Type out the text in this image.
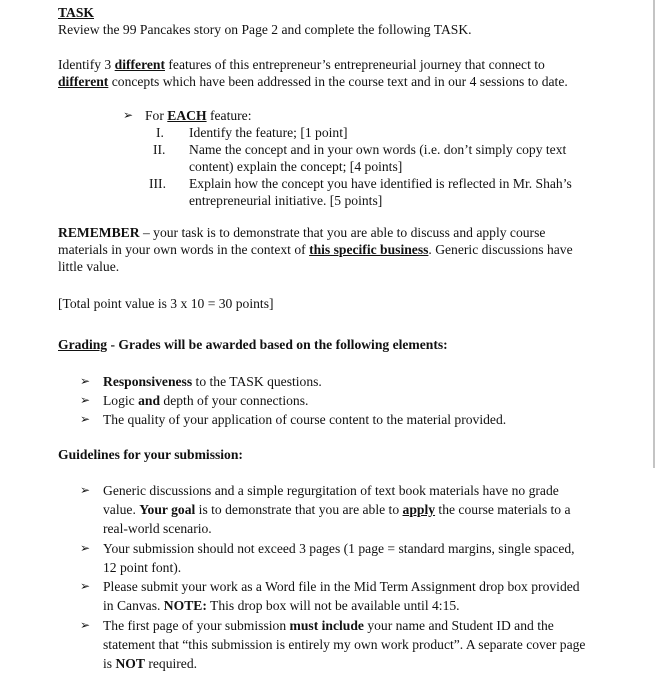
TASK
Review the 99 Pancakes story on Page 2 and complete the following TASK.
Identify 3 different features of this entrepreneur’s entrepreneurial journey that connect to
different concepts which have been addressed in the course text and in our 4 sessions to date.
➢ For EACH feature:
I. Identify the feature; [1 point]
II. Name the concept and in your own words (i.e. don’t simply copy text
content) explain the concept; [4 points]
III. Explain how the concept you have identified is reflected in Mr. Shah’s
entrepreneurial initiative. [5 points]
REMEMBER – your task is to demonstrate that you are able to discuss and apply course
materials in your own words in the context of this specific business. Generic discussions have
little value.
[Total point value is 3 x 10 = 30 points]
Grading - Grades will be awarded based on the following elements:
➢ Responsiveness to the TASK questions.
➢ Logic and depth of your connections.
➢ The quality of your application of course content to the material provided.
Guidelines for your submission:
➢ Generic discussions and a simple regurgitation of text book materials have no grade
value. Your goal is to demonstrate that you are able to apply the course materials to a
real-world scenario.
➢ Your submission should not exceed 3 pages (1 page = standard margins, single spaced,
12 point font).
➢ Please submit your work as a Word file in the Mid Term Assignment drop box provided
in Canvas. NOTE: This drop box will not be available until 4:15.
➢ The first page of your submission must include your name and Student ID and the
statement that “this submission is entirely my own work product”. A separate cover page
is NOT required.
